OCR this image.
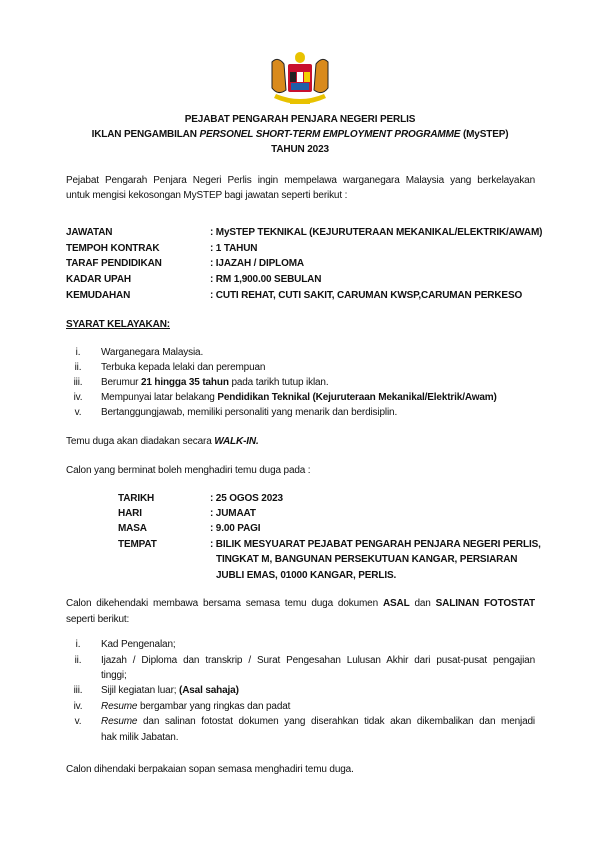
PEJABAT PENGARAH PENJARA NEGERI PERLIS
IKLAN PENGAMBILAN PERSONEL SHORT-TERM EMPLOYMENT PROGRAMME (MySTEP)
TAHUN 2023
Pejabat Pengarah Penjara Negeri Perlis ingin mempelawa warganegara Malaysia yang berkelayakan
untuk mengisi kekosongan MySTEP bagi jawatan seperti berikut :
JAWATAN	: MySTEP TEKNIKAL (KEJURUTERAAN MEKANIKAL/ELEKTRIK/AWAM)
TEMPOH KONTRAK	: 1 TAHUN
TARAF PENDIDIKAN	: IJAZAH / DIPLOMA
KADAR UPAH	: RM 1,900.00 SEBULAN
KEMUDAHAN	: CUTI REHAT, CUTI SAKIT, CARUMAN KWSP,CARUMAN PERKESO
SYARAT KELAYAKAN:
i.	Warganegara Malaysia.
ii.	Terbuka kepada lelaki dan perempuan
iii.	Berumur 21 hingga 35 tahun pada tarikh tutup iklan.
iv.	Mempunyai latar belakang Pendidikan Teknikal (Kejuruteraan Mekanikal/Elektrik/Awam)
v.	Bertanggungjawab, memiliki personaliti yang menarik dan berdisiplin.
Temu duga akan diadakan secara WALK-IN.
Calon yang berminat boleh menghadiri temu duga pada :
TARIKH	: 25 OGOS 2023
HARI	: JUMAAT
MASA	: 9.00 PAGI
TEMPAT	: BILIK MESYUARAT PEJABAT PENGARAH PENJARA NEGERI PERLIS,
TINGKAT M, BANGUNAN PERSEKUTUAN KANGAR, PERSIARAN
JUBLI EMAS, 01000 KANGAR, PERLIS.
Calon dikehendaki membawa bersama semasa temu duga dokumen ASAL dan SALINAN FOTOSTAT
seperti berikut:
i.	Kad Pengenalan;
ii.	Ijazah / Diploma dan transkrip / Surat Pengesahan Lulusan Akhir dari pusat-pusat pengajian
tinggi;
iii.	Sijil kegiatan luar; (Asal sahaja)
iv.	Resume bergambar yang ringkas dan padat
v.	Resume dan salinan fotostat dokumen yang diserahkan tidak akan dikembalikan dan menjadi
hak milik Jabatan.
Calon dihendaki berpakaian sopan semasa menghadiri temu duga.
